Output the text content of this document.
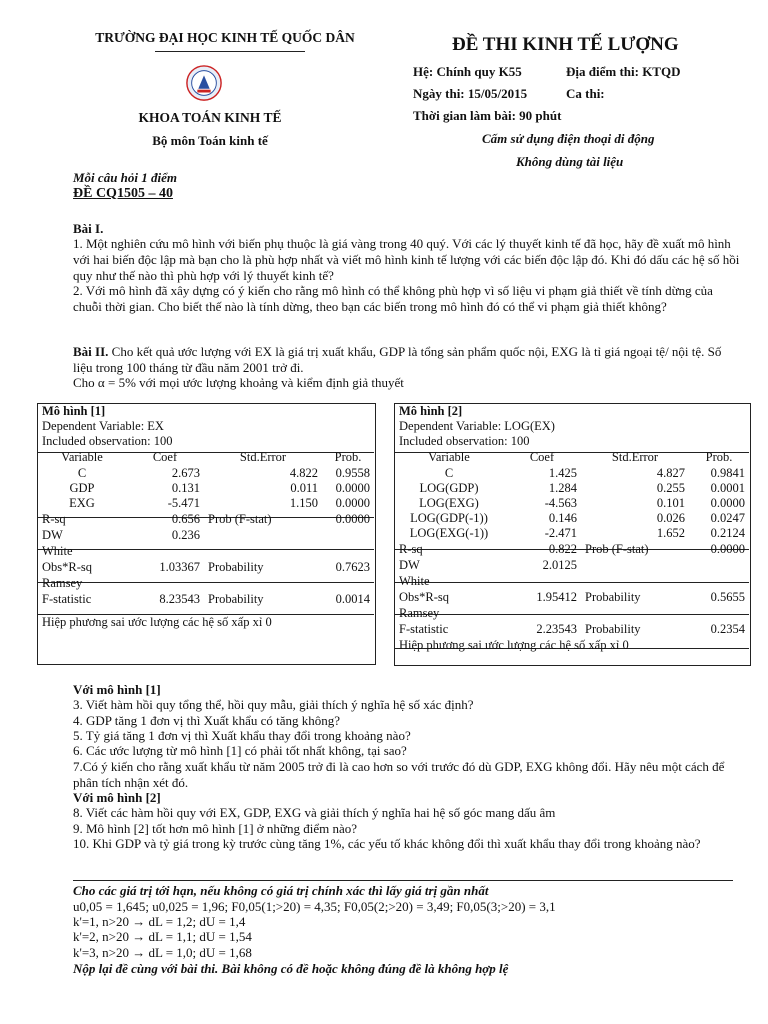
TRƯỜNG ĐẠI HỌC KINH TẾ QUỐC DÂN
KHOA TOÁN KINH TẾ
Bộ môn Toán kinh tế
ĐỀ THI KINH TẾ LƯỢNG
Hệ: Chính quy K55	Địa điểm thi: KTQD
Ngày thi: 15/05/2015	Ca thi:
Thời gian làm bài: 90 phút
Cấm sử dụng điện thoại di động
Không dùng tài liệu
Mỗi câu hỏi 1 điểm
ĐỀ CQ1505 – 40
Bài I.
1. Một nghiên cứu mô hình với biến phụ thuộc là giá vàng trong 40 quý. Với các lý thuyết kinh tế đã học, hãy đề xuất mô hình với hai biến độc lập mà bạn cho là phù hợp nhất và viết mô hình kinh tế lượng với các biến độc lập đó. Khi đó dấu các hệ số hồi quy như thế nào thì phù hợp với lý thuyết kinh tế?
2. Với mô hình đã xây dựng có ý kiến cho rằng mô hình có thể không phù hợp vì số liệu vi phạm giả thiết về tính dừng của chuỗi thời gian. Cho biết thế nào là tính dừng, theo bạn các biến trong mô hình đó có thể vi phạm giả thiết không?
Bài II. Cho kết quả ước lượng với EX là giá trị xuất khẩu, GDP là tổng sản phẩm quốc nội, EXG là tỉ giá ngoại tệ/ nội tệ. Số liệu trong 100 tháng từ đầu năm 2001 trở đi.
Cho α = 5% với mọi ước lượng khoảng và kiểm định giả thuyết
Mô hình [1]			
Dependent Variable: EX			
Included observation: 100			
Variable	Coef	Std.Error	Prob.
C	2.673	4.822	0.9558
GDP	0.131	0.011	0.0000
EXG	-5.471	1.150	0.0000
R-sq	0.656	Prob (F-stat)	0.0000
DW	0.236		
White			
Obs*R-sq	1.03367	Probability	0.7623
Ramsey			
F-statistic	8.23543	Probability	0.0014
Hiệp phương sai ước lượng các hệ số xấp xỉ 0			
Mô hình [2]			
Dependent Variable: LOG(EX)			
Included observation: 100			
Variable	Coef	Std.Error	Prob.
C	1.425	4.827	0.9841
LOG(GDP)	1.284	0.255	0.0001
LOG(EXG)	-4.563	0.101	0.0000
LOG(GDP(-1))	0.146	0.026	0.0247
LOG(EXG(-1))	-2.471	1.652	0.2124
R-sq	0.822	Prob (F-stat)	0.0000
DW	2.0125		
White			
Obs*R-sq	1.95412	Probability	0.5655
Ramsey			
F-statistic	2.23543	Probability	0.2354
Hiệp phương sai ước lượng các hệ số xấp xỉ 0			
Với mô hình [1]
3. Viết hàm hồi quy tổng thể, hồi quy mẫu, giải thích ý nghĩa hệ số xác định?
4. GDP tăng 1 đơn vị thì Xuất khẩu có tăng không?
5. Tỷ giá tăng 1 đơn vị thì Xuất khẩu thay đổi trong khoảng nào?
6. Các ước lượng từ mô hình [1] có phải tốt nhất không, tại sao?
7.Có ý kiến cho rằng xuất khẩu từ năm 2005 trở đi là cao hơn so với trước đó dù GDP, EXG không đổi. Hãy nêu một cách để phân tích nhận xét đó.
Với mô hình [2]
8. Viết các hàm hồi quy với EX, GDP, EXG và giải thích ý nghĩa hai hệ số góc mang dấu âm
9. Mô hình [2] tốt hơn mô hình [1] ở những điểm nào?
10. Khi GDP và tỷ giá trong kỳ trước cùng tăng 1%, các yếu tố khác không đổi thì xuất khẩu thay đổi trong khoảng nào?
Cho các giá trị tới hạn, nếu không có giá trị chính xác thì lấy giá trị gần nhất
u0,05 = 1,645; u0,025 = 1,96; F0,05(1;>20) = 4,35; F0,05(2;>20) = 3,49; F0,05(3;>20) = 3,1
k'=1, n>20 → dL = 1,2; dU = 1,4
k'=2, n>20 → dL = 1,1; dU = 1,54
k'=3, n>20 → dL = 1,0; dU = 1,68
Nộp lại đề cùng với bài thi. Bài không có đề hoặc không đúng đề là không hợp lệ
